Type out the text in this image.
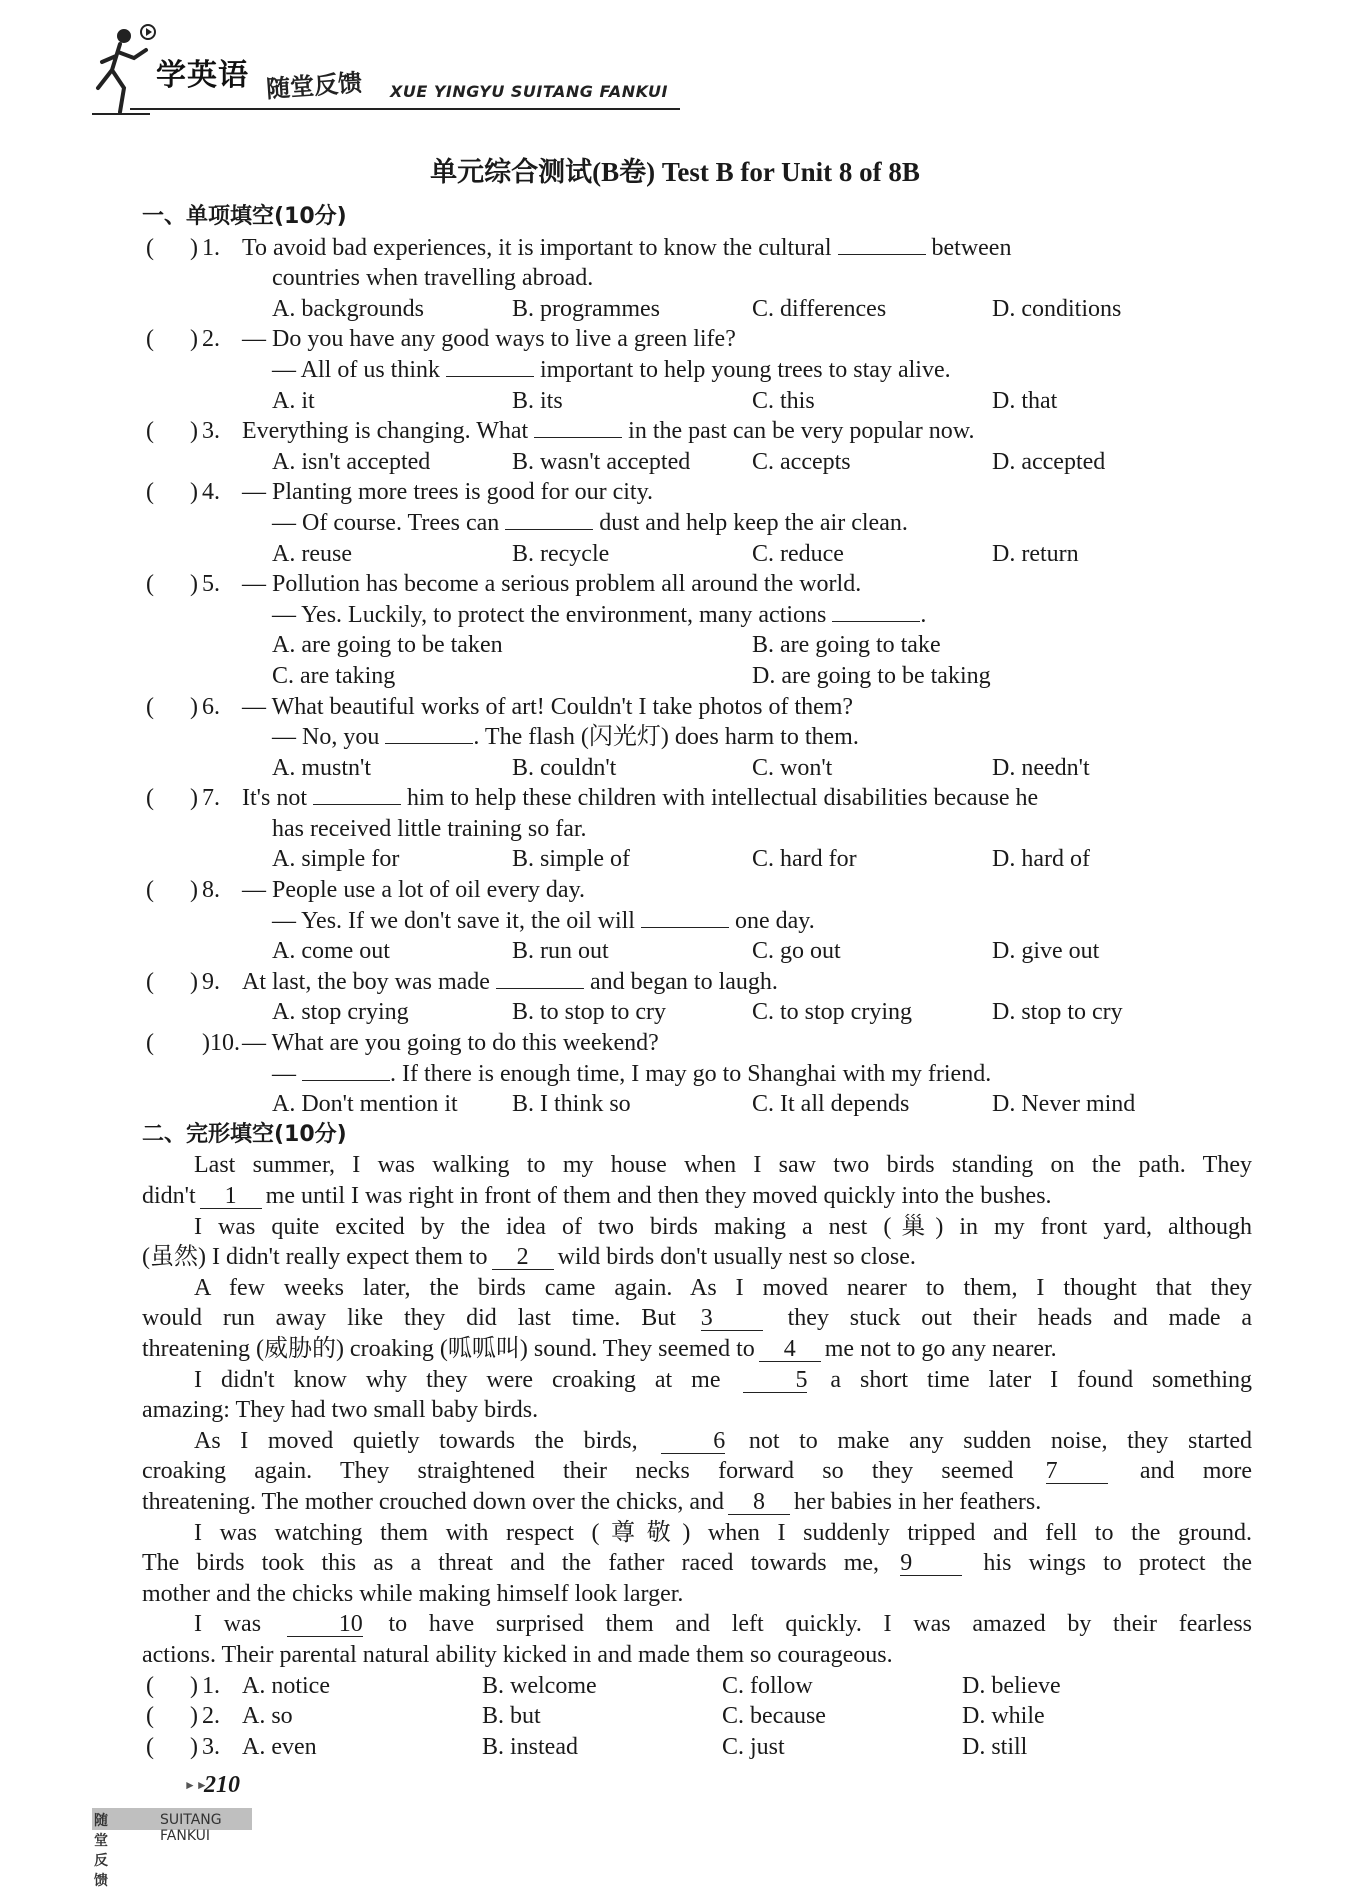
学英语 随堂反馈 XUE YINGYU SUITANG FANKUI
单元综合测试(B卷) Test B for Unit 8 of 8B
一、单项填空(10分)
(      ) 1. To avoid bad experiences, it is important to know the cultural	between
countries when travelling abroad.
A. backgrounds	B. programmes	C. differences	D. conditions
(      ) 2. — Do you have any good ways to live a green life?
— All of us think	important to help young trees to stay alive.
A. it	B. its	C. this	D. that
(      ) 3. Everything is changing. What	in the past can be very popular now.
A. isn't accepted	B. wasn't accepted	C. accepts	D. accepted
(      ) 4. — Planting more trees is good for our city.
— Of course. Trees can	dust and help keep the air clean.
A. reuse	B. recycle	C. reduce	D. return
(      ) 5. — Pollution has become a serious problem all around the world.
— Yes. Luckily, to protect the environment, many actions	.
A. are going to be taken	B. are going to take
C. are taking	D. are going to be taking
(      ) 6. — What beautiful works of art! Couldn't I take photos of them?
— No, you	. The flash (闪光灯) does harm to them.
A. mustn't	B. couldn't	C. won't	D. needn't
(      ) 7. It's not	him to help these children with intellectual disabilities because he
has received little training so far.
A. simple for	B. simple of	C. hard for	D. hard of
(      ) 8. — People use a lot of oil every day.
— Yes. If we don't save it, the oil will	one day.
A. come out	B. run out	C. go out	D. give out
(      ) 9. At last, the boy was made	and began to laugh.
A. stop crying	B. to stop to cry	C. to stop crying	D. stop to cry
( )10. — What are you going to do this weekend?
—	. If there is enough time, I may go to Shanghai with my friend.
A. Don't mention it B. I think so	C. It all depends	D. Never mind
二、完形填空(10分)

Last summer, I was walking to my house when I saw two birds standing on the path. They

didn't 1 me until I was right in front of them and then they moved quickly into the bushes.

I was quite excited by the idea of two birds making a nest (巢) in my front yard, although

(虽然) I didn't really expect them to 2 wild birds don't usually nest so close.

A few weeks later, the birds came again. As I moved nearer to them, I thought that they

would run away like they did last time. But 3	they stuck out their heads and made a

threatening (威胁的) croaking (呱呱叫) sound. They seemed to 4 me not to go any nearer.

I didn't know why they were croaking at me	5 a short time later I found something

amazing: They had two small baby birds.

As I moved quietly towards the birds,	6 not to make any sudden noise, they started

croaking again. They straightened their necks forward so they seemed 7	and more

threatening. The mother crouched down over the chicks, and 8 her babies in her feathers.

I was watching them with respect (尊敬) when I suddenly tripped and fell to the ground.

The birds took this as a threat and the father raced towards me, 9	his wings to protect the

mother and the chicks while making himself look larger.

I was	10 to have surprised them and left quickly. I was amazed by their fearless

actions. Their parental natural ability kicked in and made them so courageous.

(      ) 1. A. notice	B. welcome	C. follow	D. believe
(      ) 2. A. so	B. but	C. because	D. while
(      ) 3. A. even	B. instead	C. just	D. still
►►
210
随堂反馈
SUITANG FANKUI
